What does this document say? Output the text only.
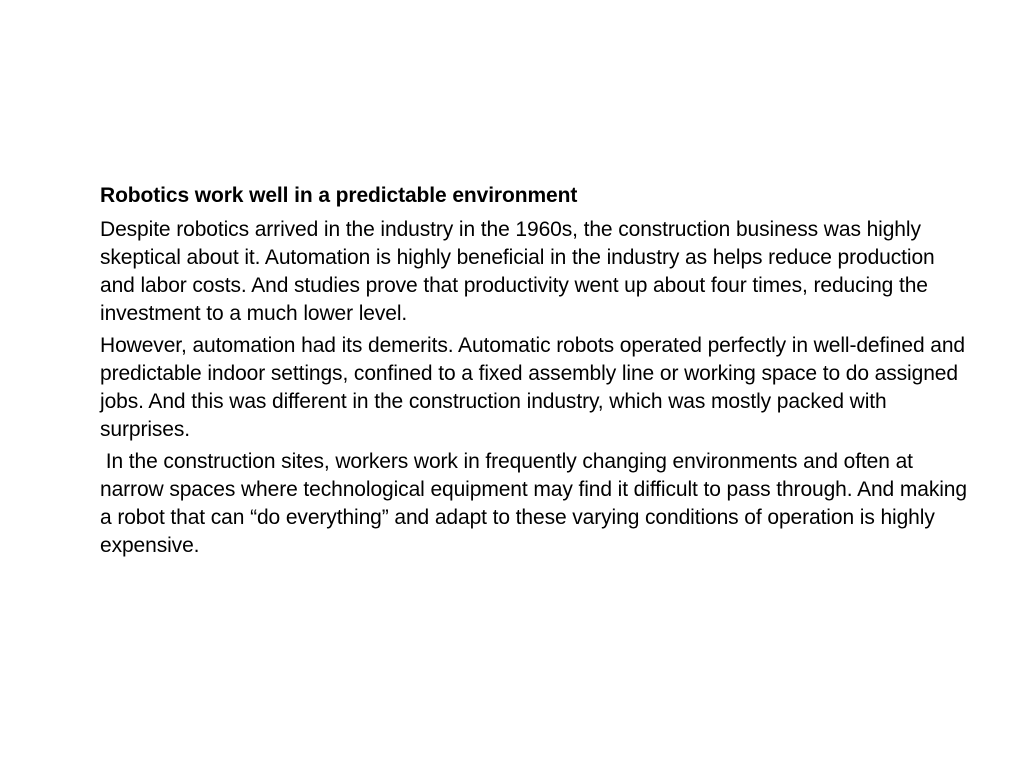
Robotics work well in a predictable environment

Despite robotics arrived in the industry in the 1960s, the construction business was highly skeptical about it. Automation is highly beneficial in the industry as helps reduce production and labor costs. And studies prove that productivity went up about four times, reducing the investment to a much lower level.

However, automation had its demerits. Automatic robots operated perfectly in well-defined and predictable indoor settings, confined to a fixed assembly line or working space to do assigned jobs. And this was different in the construction industry, which was mostly packed with surprises.

In the construction sites, workers work in frequently changing environments and often at narrow spaces where technological equipment may find it difficult to pass through. And making a robot that can “do everything” and adapt to these varying conditions of operation is highly expensive.
